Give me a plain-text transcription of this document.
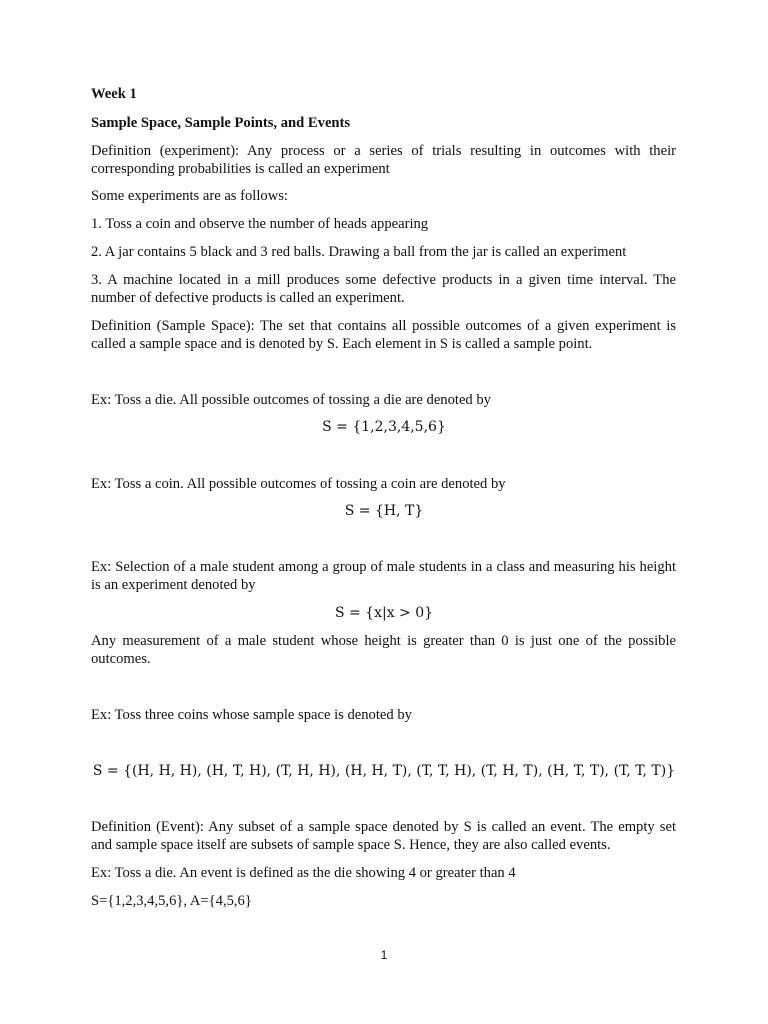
Week 1

Sample Space, Sample Points, and Events

Definition (experiment): Any process or a series of trials resulting in outcomes with their corresponding probabilities is called an experiment

Some experiments are as follows:

1. Toss a coin and observe the number of heads appearing

2. A jar contains 5 black and 3 red balls. Drawing a ball from the jar is called an experiment

3. A machine located in a mill produces some defective products in a given time interval. The number of defective products is called an experiment.

Definition (Sample Space): The set that contains all possible outcomes of a given experiment is called a sample space and is denoted by S. Each element in S is called a sample point.

Ex: Toss a die. All possible outcomes of tossing a die are denoted by

S = {1,2,3,4,5,6}

Ex: Toss a coin. All possible outcomes of tossing a coin are denoted by

S = {H, T}

Ex: Selection of a male student among a group of male students in a class and measuring his height is an experiment denoted by

S = {x|x > 0}

Any measurement of a male student whose height is greater than 0 is just one of the possible outcomes.

Ex: Toss three coins whose sample space is denoted by

S = {(H, H, H), (H, T, H), (T, H, H), (H, H, T), (T, T, H), (T, H, T), (H, T, T), (T, T, T)}

Definition (Event): Any subset of a sample space denoted by S is called an event. The empty set and sample space itself are subsets of sample space S. Hence, they are also called events.

Ex: Toss a die. An event is defined as the die showing 4 or greater than 4

S={1,2,3,4,5,6}, A={4,5,6}

1
